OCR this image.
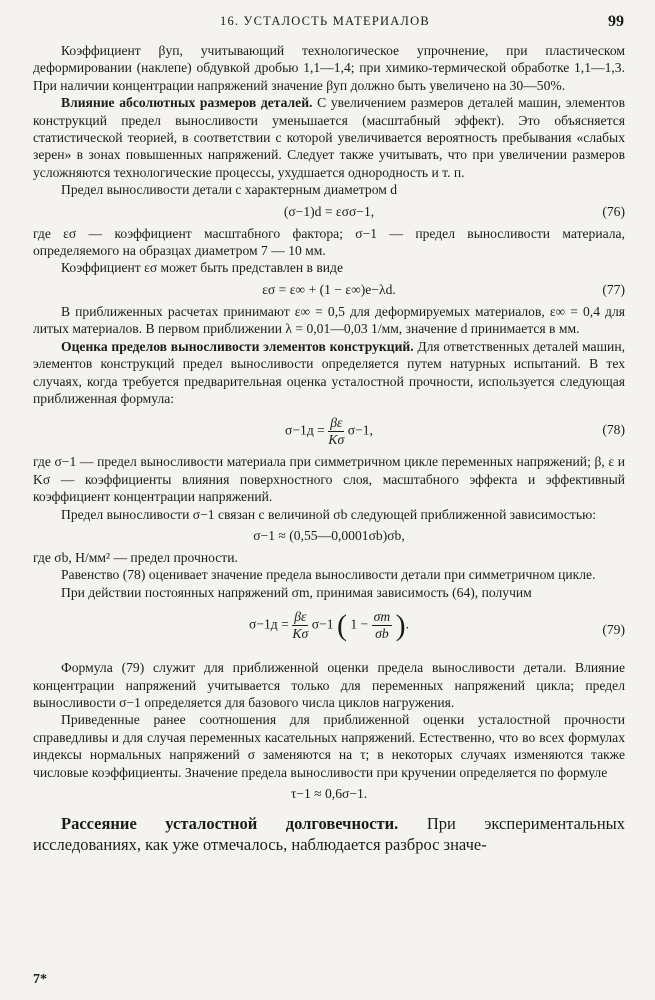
16. УСТАЛОСТЬ МАТЕРИАЛОВ	99

Коэффициент βуп, учитывающий технологическое упрочнение, при пластическом деформировании (наклепе) обдувкой дробью 1,1—1,4; при химико-термической обработке 1,1—1,3. При наличии концентрации напряжений значение βуп должно быть увеличено на 30—50%.

Влияние абсолютных размеров деталей. С увеличением размеров деталей машин, элементов конструкций предел выносливости уменьшается (масштабный эффект). Это объясняется статистической теорией, в соответствии с которой увеличивается вероятность пребывания «слабых зерен» в зонах повышенных напряжений. Следует также учитывать, что при увеличении размеров усложняются технологические процессы, ухудшается однородность и т. п.

Предел выносливости детали с характерным диаметром d

(σ−1)d = εσσ−1,	(76)

где εσ — коэффициент масштабного фактора; σ−1 — предел выносливости материала, определяемого на образцах диаметром 7 — 10 мм.

Коэффициент εσ может быть представлен в виде

εσ = ε∞ + (1 − ε∞)e−λd.	(77)

В приближенных расчетах принимают ε∞ = 0,5 для деформируемых материалов, ε∞ = 0,4 для литых материалов. В первом приближении λ = 0,01—0,03 1/мм, значение d принимается в мм.

Оценка пределов выносливости элементов конструкций. Для ответственных деталей машин, элементов конструкций предел выносливости определяется путем натурных испытаний. В тех случаях, когда требуется предварительная оценка усталостной прочности, используется следующая приближенная формула:

$\sigma-1д = \frac{\beta\varepsilon}{K\sigma} \sigma-1$,	(78)

где σ−1 — предел выносливости материала при симметричном цикле переменных напряжений; β, ε и Kσ — коэффициенты влияния поверхностного слоя, масштабного эффекта и эффективный коэффициент концентрации напряжений.

Предел выносливости σ−1 связан с величиной σb следующей приближенной зависимостью:

σ−1 ≈ (0,55—0,0001σb)σb,

где σb, Н/мм² — предел прочности.

Равенство (78) оценивает значение предела выносливости детали при симметричном цикле.

При действии постоянных напряжений σm, принимая зависимость (64), получим

$\sigma-1д = \frac{\beta\varepsilon}{K\sigma} \sigma-1$ ( $1 - \frac{\sigma m}{\sigma b}$ ).	(79)

Формула (79) служит для приближенной оценки предела выносливости детали. Влияние концентрации напряжений учитывается только для переменных напряжений цикла; предел выносливости σ−1 определяется для базового числа циклов нагружения.

Приведенные ранее соотношения для приближенной оценки усталостной прочности справедливы и для случая переменных касательных напряжений. Естественно, что во всех формулах индексы нормальных напряжений σ заменяются на τ; в некоторых случаях изменяются также числовые коэффициенты. Значение предела выносливости при кручении определяется по формуле

τ−1 ≈ 0,6σ−1.

Рассеяние усталостной долговечности. При экспериментальных исследованиях, как уже отмечалось, наблюдается разброс значе-

7*
